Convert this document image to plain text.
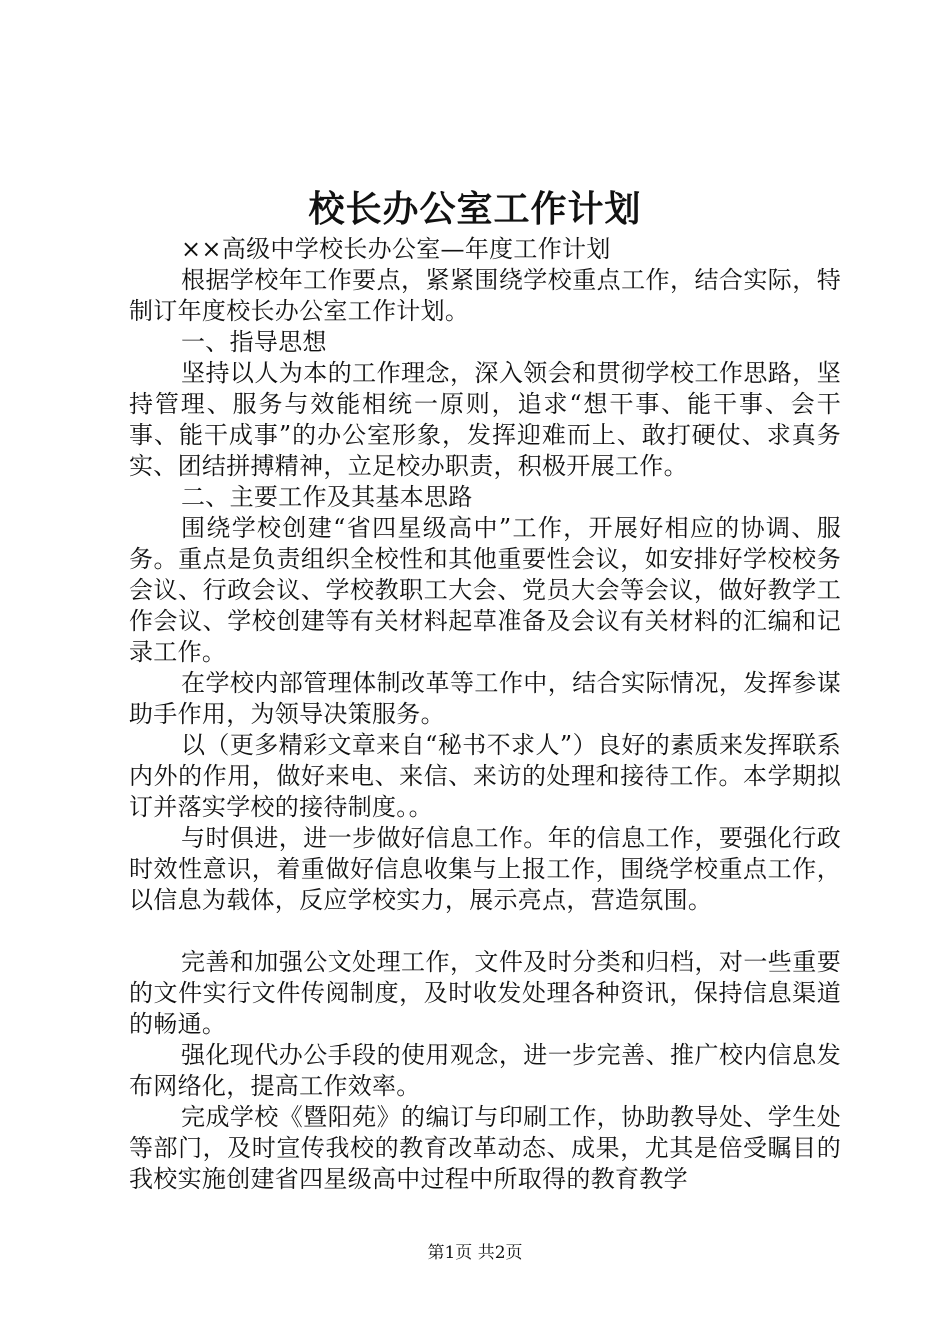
校长办公室工作计划

××高级中学校长办公室—年度工作计划

根据学校年工作要点，紧紧围绕学校重点工作，结合实际，特制订年度校长办公室工作计划。

一、指导思想

坚持以人为本的工作理念，深入领会和贯彻学校工作思路，坚持管理、服务与效能相统一原则，追求“想干事、能干事、会干事、能干成事”的办公室形象，发挥迎难而上、敢打硬仗、求真务实、团结拼搏精神，立足校办职责，积极开展工作。

二、主要工作及其基本思路

围绕学校创建“省四星级高中”工作，开展好相应的协调、服务。重点是负责组织全校性和其他重要性会议，如安排好学校校务会议、行政会议、学校教职工大会、党员大会等会议，做好教学工作会议、学校创建等有关材料起草准备及会议有关材料的汇编和记录工作。

在学校内部管理体制改革等工作中，结合实际情况，发挥参谋助手作用，为领导决策服务。

以（更多精彩文章来自“秘书不求人”）良好的素质来发挥联系内外的作用，做好来电、来信、来访的处理和接待工作。本学期拟订并落实学校的接待制度。。

与时俱进，进一步做好信息工作。年的信息工作，要强化行政时效性意识，着重做好信息收集与上报工作，围绕学校重点工作，以信息为载体，反应学校实力，展示亮点，营造氛围。

完善和加强公文处理工作，文件及时分类和归档，对一些重要的文件实行文件传阅制度，及时收发处理各种资讯，保持信息渠道的畅通。

强化现代办公手段的使用观念，进一步完善、推广校内信息发布网络化，提高工作效率。

完成学校《暨阳苑》的编订与印刷工作，协助教导处、学生处等部门，及时宣传我校的教育改革动态、成果，尤其是倍受瞩目的我校实施创建省四星级高中过程中所取得的教育教学

第1页 共2页
